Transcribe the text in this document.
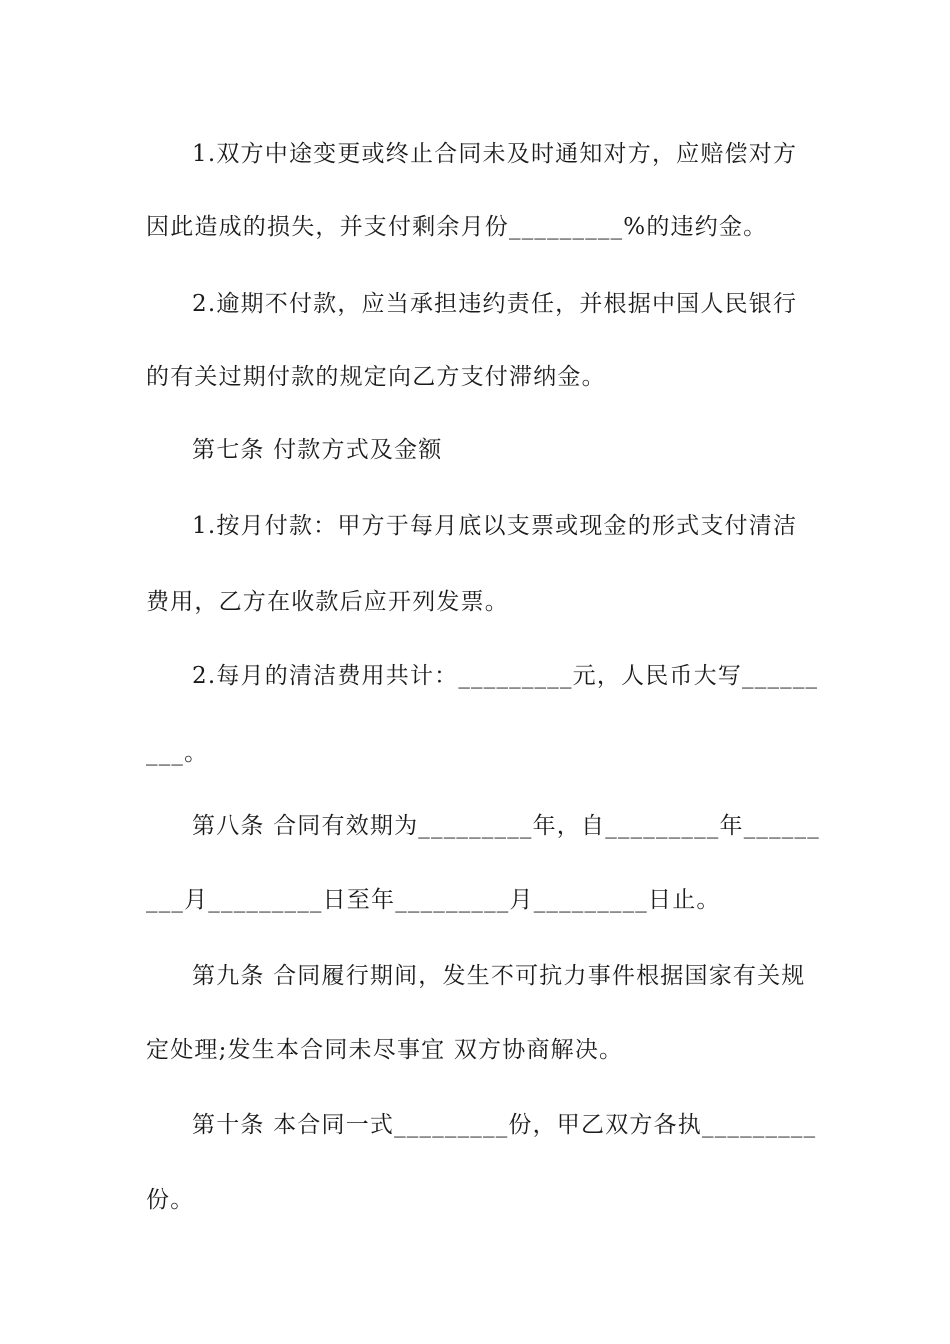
1.双方中途变更或终止合同未及时通知对方，应赔偿对方
因此造成的损失，并支付剩余月份_________%的违约金。
2.逾期不付款，应当承担违约责任，并根据中国人民银行
的有关过期付款的规定向乙方支付滞纳金。
第七条 付款方式及金额
1.按月付款：甲方于每月底以支票或现金的形式支付清洁
费用，乙方在收款后应开列发票。
2.每月的清洁费用共计：_________元，人民币大写______
___。
第八条 合同有效期为_________年，自_________年______
___月_________日至年_________月_________日止。
第九条 合同履行期间，发生不可抗力事件根据国家有关规
定处理;发生本合同未尽事宜 双方协商解决。
第十条 本合同一式_________份，甲乙双方各执_________
份。
